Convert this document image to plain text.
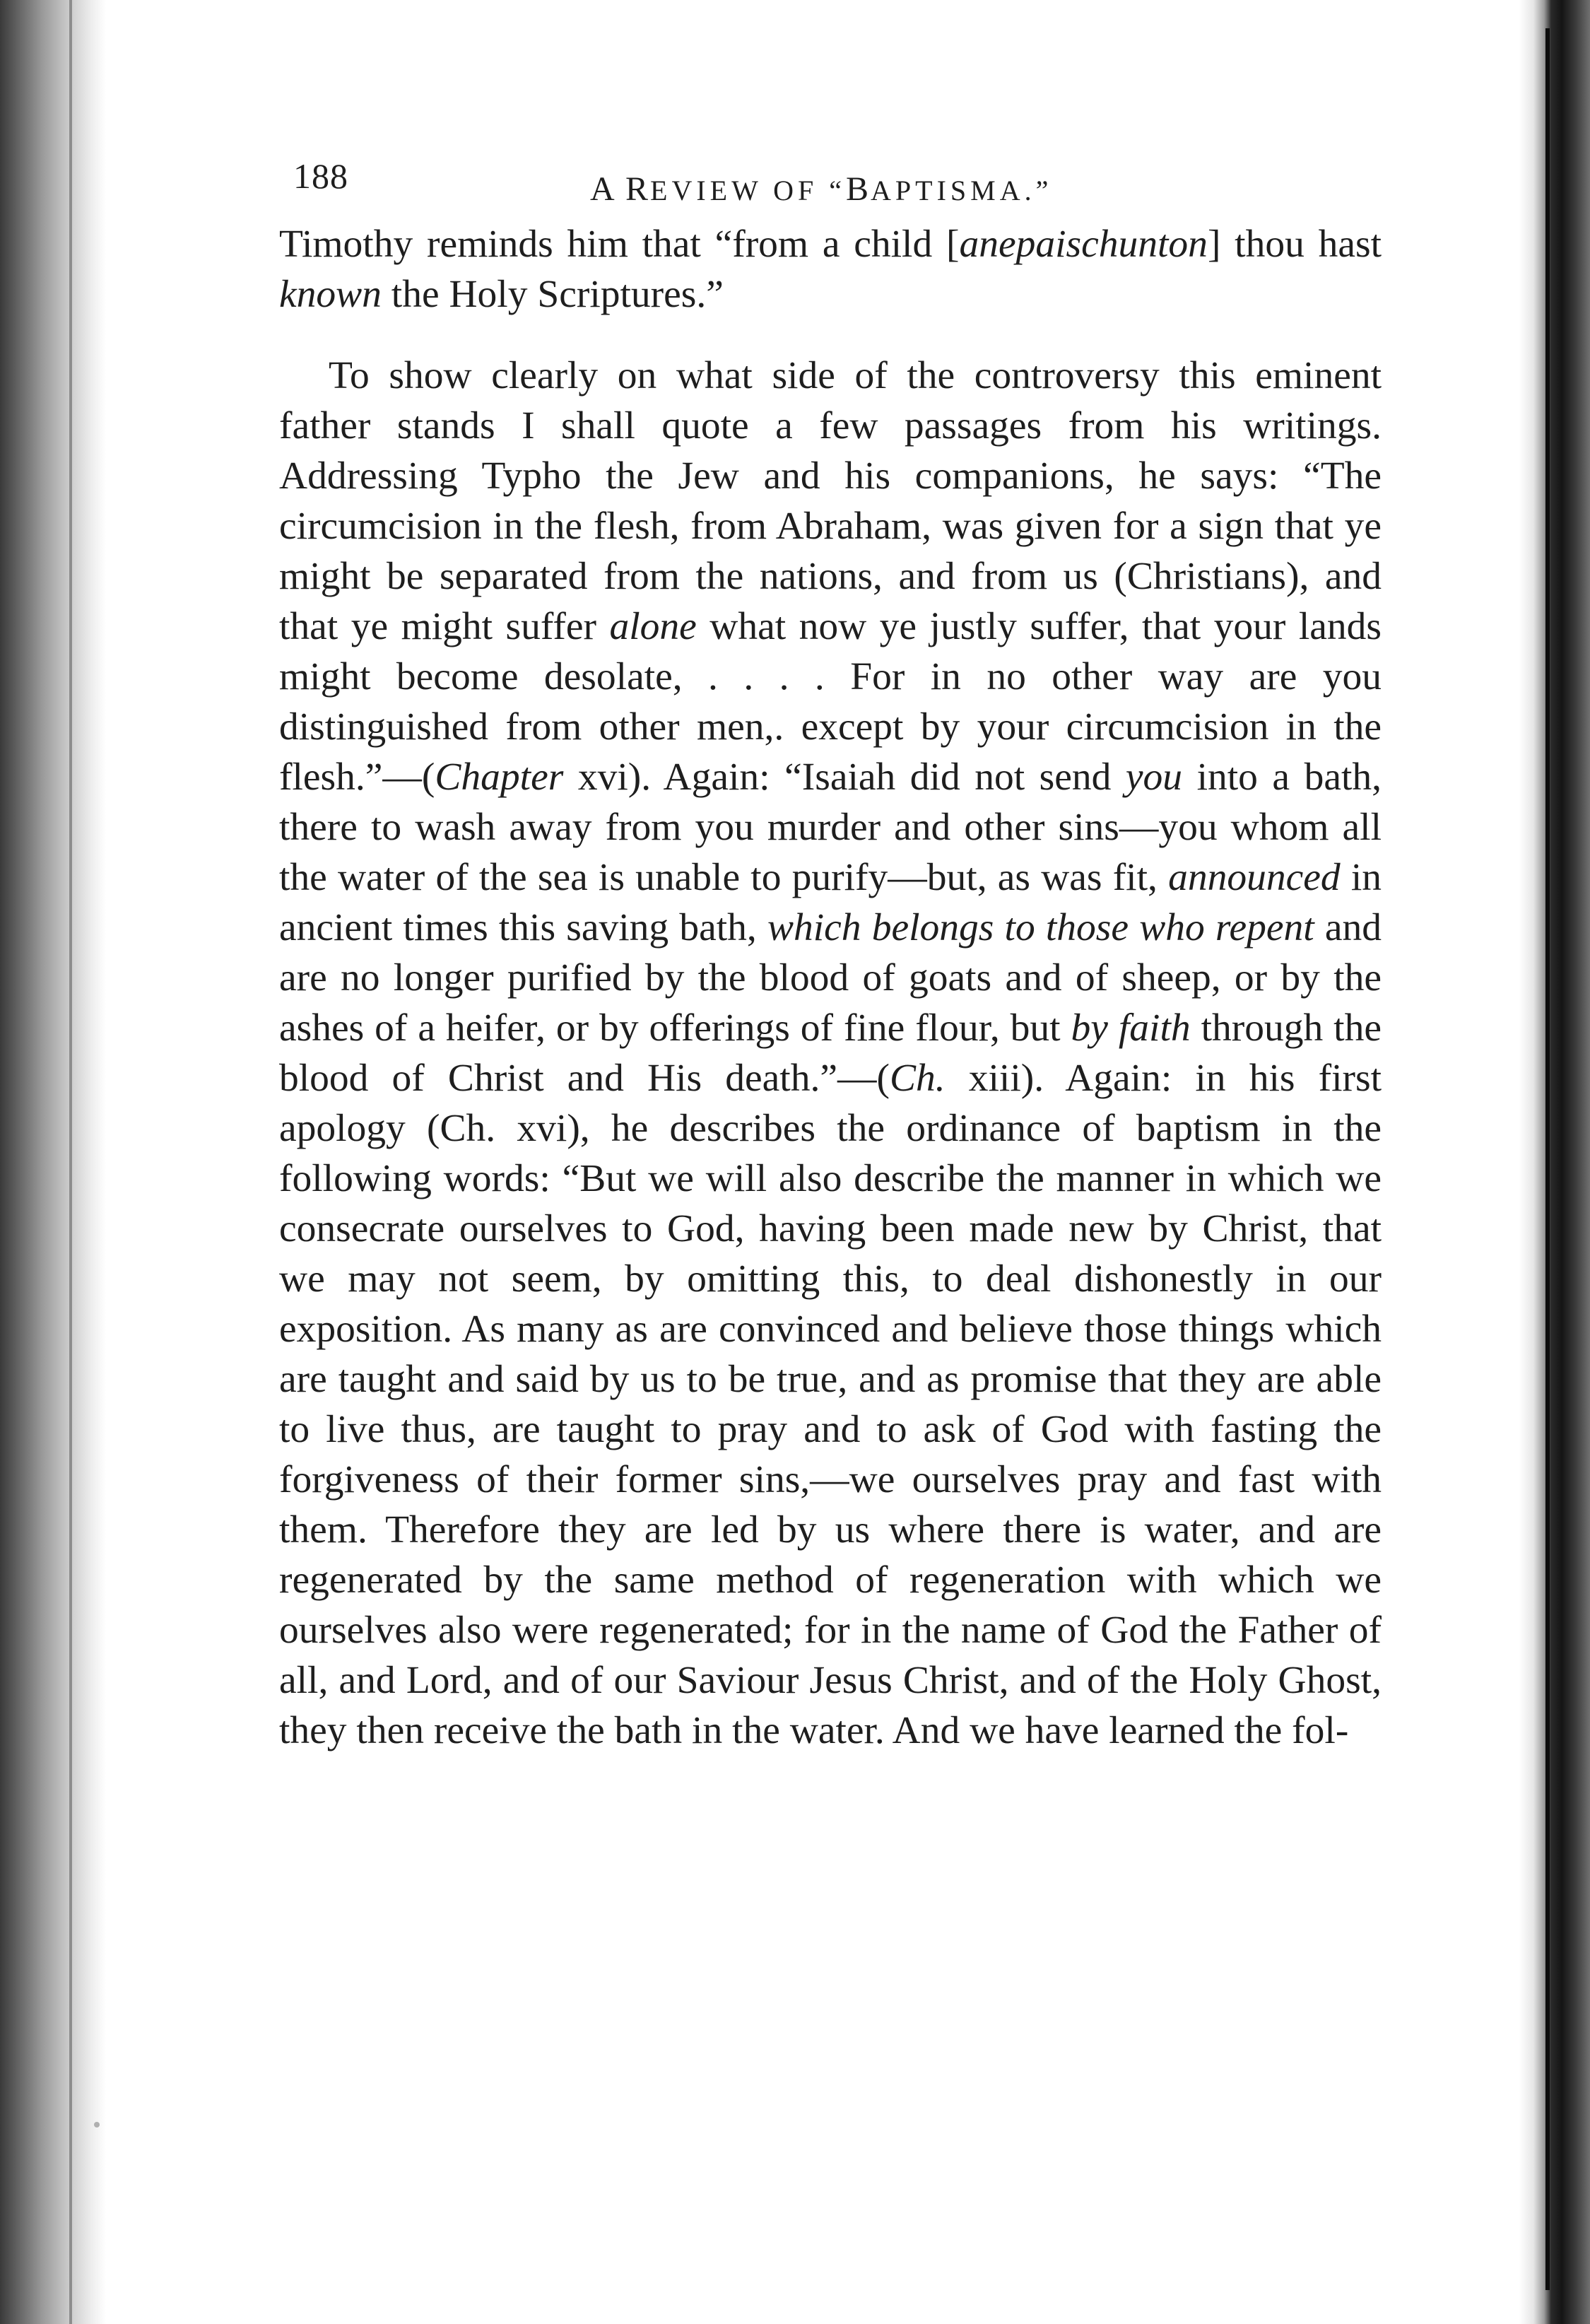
188	A REVIEW OF “BAPTISMA.”

Timothy reminds him that “from a child [anepaischunton] thou hast known the Holy Scriptures.”

To show clearly on what side of the controversy this eminent father stands I shall quote a few passages from his writings. Addressing Typho the Jew and his companions, he says: “The circumcision in the flesh, from Abraham, was given for a sign that ye might be separated from the nations, and from us (Christians), and that ye might suffer alone what now ye justly suffer, that your lands might become desolate, . . . . For in no other way are you distinguished from other men,. except by your circumcision in the flesh.”—(Chapter xvi). Again: “Isaiah did not send you into a bath, there to wash away from you murder and other sins—you whom all the water of the sea is unable to purify—but, as was fit, announced in ancient times this saving bath, which belongs to those who repent and are no longer purified by the blood of goats and of sheep, or by the ashes of a heifer, or by offerings of fine flour, but by faith through the blood of Christ and His death.”—(Ch. xiii). Again: in his first apology (Ch. xvi), he describes the ordinance of baptism in the following words: “But we will also describe the manner in which we consecrate ourselves to God, having been made new by Christ, that we may not seem, by omitting this, to deal dishonestly in our exposition. As many as are convinced and believe those things which are taught and said by us to be true, and as promise that they are able to live thus, are taught to pray and to ask of God with fasting the forgiveness of their former sins,—we ourselves pray and fast with them. Therefore they are led by us where there is water, and are regenerated by the same method of regeneration with which we ourselves also were regenerated; for in the name of God the Father of all, and Lord, and of our Saviour Jesus Christ, and of the Holy Ghost, they then receive the bath in the water. And we have learned the fol-
